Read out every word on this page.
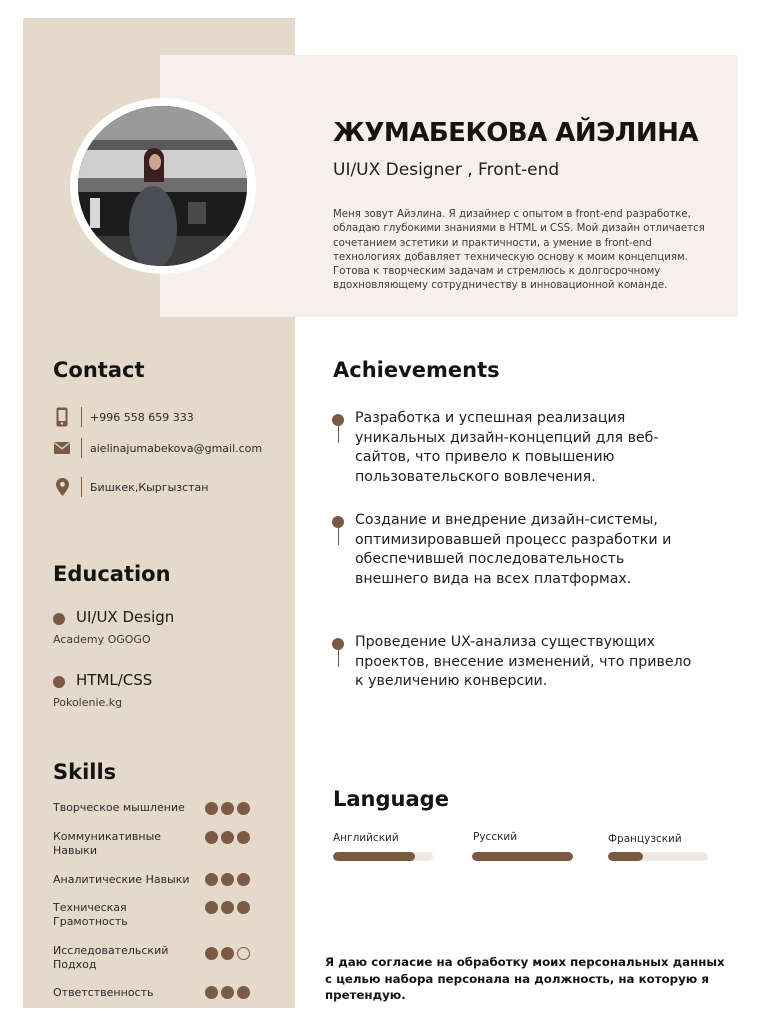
ЖУМАБЕКОВА АЙЭЛИНА
UI/UX Designer , Front-end
Меня зовут Айэлина. Я дизайнер с опытом в front-end разработке, обладаю глубокими знаниями в HTML и CSS. Мой дизайн отличается сочетанием эстетики и практичности, а умение в front-end технологиях добавляет техническую основу к моим концепциям. Готова к творческим задачам и стремлюсь к долгосрочному вдохновляющему сотрудничеству в инновационной команде.
Contact
+996 558 659 333
aielinajumabekova@gmail.com
Бишкек,Кыргызстан
Education
UI/UX Design
Academy OGOGO
HTML/CSS
Pokolenie.kg
Skills
Творческое мышление
Коммуникативные Навыки
Аналитические Навыки
Техническая Грамотность
Исследовательский Подход
Ответственность
Achievements
Разработка и успешная реализация уникальных дизайн-концепций для веб-сайтов, что привело к повышению пользовательского вовлечения.
Создание и внедрение дизайн-системы, оптимизировавшей процесс разработки и обеспечившей последовательность внешнего вида на всех платформах.
Проведение UX-анализа существующих проектов, внесение изменений, что привело к увеличению конверсии.
Language
Английский	Русский	Французский
Я даю согласие на обработку моих персональных данных с целью набора персонала на должность, на которую я претендую.
